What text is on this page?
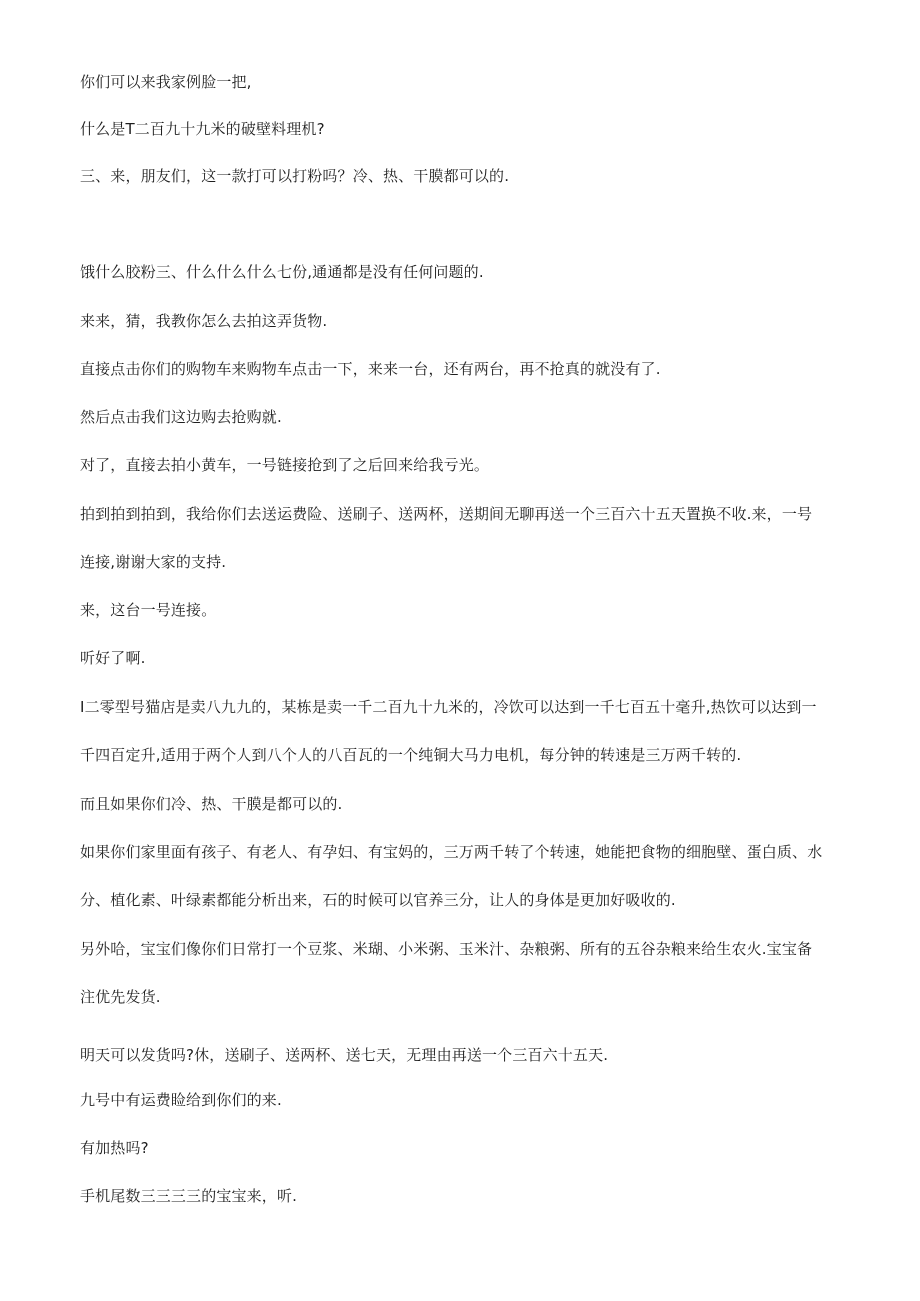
你们可以来我家例脸一把,
什么是T二百九十九米的破壁料理机?
三、来，朋友们，这一款打可以打粉吗？冷、热、干膜都可以的.
饿什么胶粉三、什么什么什么七份,通通都是没有任何问题的.
来来，猜，我教你怎么去拍这弄货物.
直接点击你们的购物车来购物车点击一下，来来一台，还有两台，再不抢真的就没有了.
然后点击我们这边购去抢购就.
对了，直接去拍小黄车，一号链接抢到了之后回来给我亏光。
拍到拍到拍到，我给你们去送运费险、送刷子、送两杯，送期间无聊再送一个三百六十五天置换不收.来，一号
连接,谢谢大家的支持.
来，这台一号连接。
听好了啊.
I二零型号猫店是卖八九九的，某栋是卖一千二百九十九米的，冷饮可以达到一千七百五十毫升,热饮可以达到一
千四百定升,适用于两个人到八个人的八百瓦的一个纯铜大马力电机，每分钟的转速是三万两千转的.
而且如果你们冷、热、干膜是都可以的.
如果你们家里面有孩子、有老人、有孕妇、有宝妈的，三万两千转了个转速，她能把食物的细胞壁、蛋白质、水
分、植化素、叶绿素都能分析出来，石的时候可以官养三分，让人的身体是更加好吸收的.
另外哈，宝宝们像你们日常打一个豆浆、米瑚、小米粥、玉米汁、杂粮粥、所有的五谷杂粮来给生农火.宝宝备
注优先发货.
明天可以发货吗?休，送刷子、送两杯、送七天，无理由再送一个三百六十五天.
九号中有运费睑给到你们的来.
有加热吗?
手机尾数三三三三的宝宝来，听.
